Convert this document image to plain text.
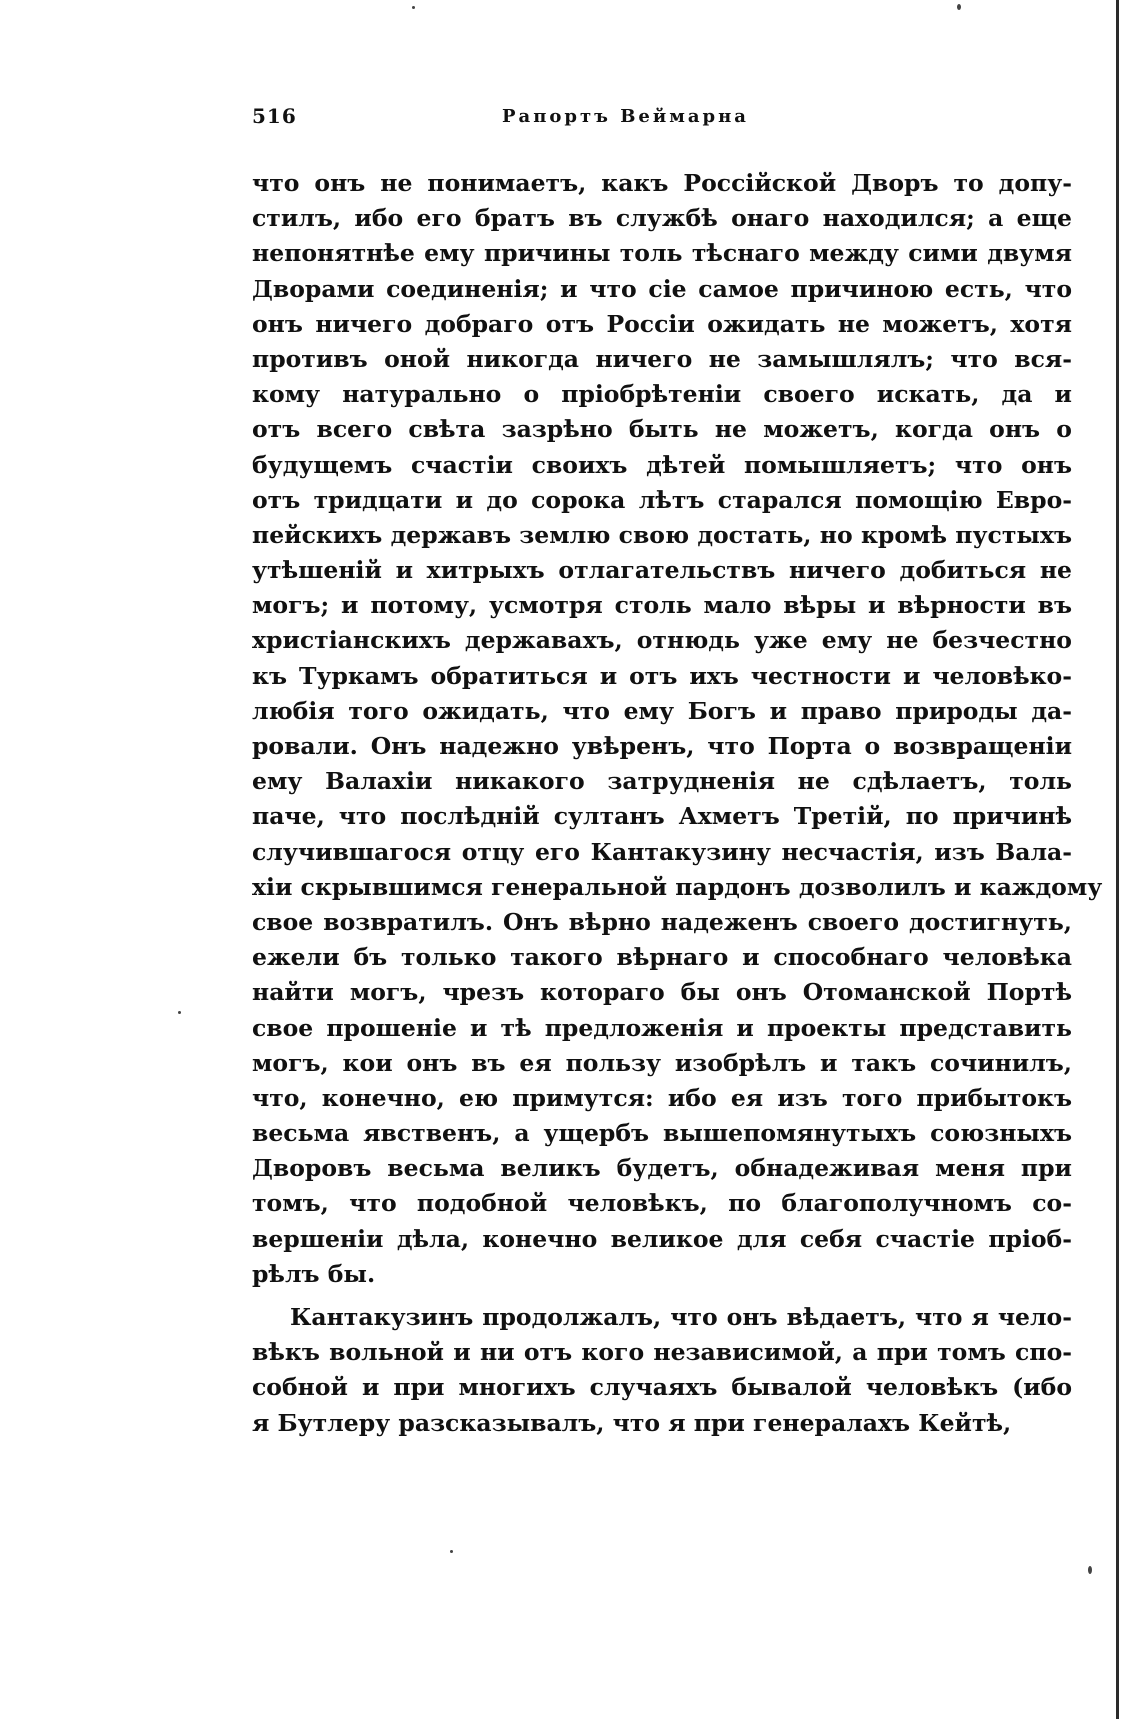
516	Рапортъ Веймарна
что онъ не понимаетъ, какъ Россійской Дворъ то допу-
стилъ, ибо его братъ въ службѣ онаго находился; а еще
непонятнѣе ему причины толь тѣснаго между сими двумя
Дворами соединенія; и что сіе самое причиною есть, что
онъ ничего добраго отъ Россіи ожидать не можетъ, хотя
противъ оной никогда ничего не замышлялъ; что вся-
кому натурально о пріобрѣтеніи своего искать, да и
отъ всего свѣта зазрѣно быть не можетъ, когда онъ о
будущемъ счастіи своихъ дѣтей помышляетъ; что онъ
отъ тридцати и до сорока лѣтъ старался помощію Евро-
пейскихъ державъ землю свою достать, но кромѣ пустыхъ
утѣшеній и хитрыхъ отлагательствъ ничего добиться не
могъ; и потому, усмотря столь мало вѣры и вѣрности въ
христіанскихъ державахъ, отнюдь уже ему не безчестно
къ Туркамъ обратиться и отъ ихъ честности и человѣко-
любія того ожидать, что ему Богъ и право природы да-
ровали. Онъ надежно увѣренъ, что Порта о возвращеніи
ему Валахіи никакого затрудненія не сдѣлаетъ, толь
паче, что послѣдній султанъ Ахметъ Третій, по причинѣ
случившагося отцу его Кантакузину несчастія, изъ Вала-
хіи скрывшимся генеральной пардонъ дозволилъ и каждому
свое возвратилъ. Онъ вѣрно надеженъ своего достигнуть,
ежели бъ только такого вѣрнаго и способнаго человѣка
найти могъ, чрезъ котораго бы онъ Отоманской Портѣ
свое прошеніе и тѣ предложенія и проекты представить
могъ, кои онъ въ ея пользу изобрѣлъ и такъ сочинилъ,
что, конечно, ею примутся: ибо ея изъ того прибытокъ
весьма явственъ, а ущербъ вышепомянутыхъ союзныхъ
Дворовъ весьма великъ будетъ, обнадеживая меня при
томъ, что подобной человѣкъ, по благополучномъ со-
вершеніи дѣла, конечно великое для себя счастіе пріоб-
рѣлъ бы.
Кантакузинъ продолжалъ, что онъ вѣдаетъ, что я чело-
вѣкъ вольной и ни отъ кого независимой, а при томъ спо-
собной и при многихъ случаяхъ бывалой человѣкъ (ибо
я Бутлеру разсказывалъ, что я при генералахъ Кейтѣ,
